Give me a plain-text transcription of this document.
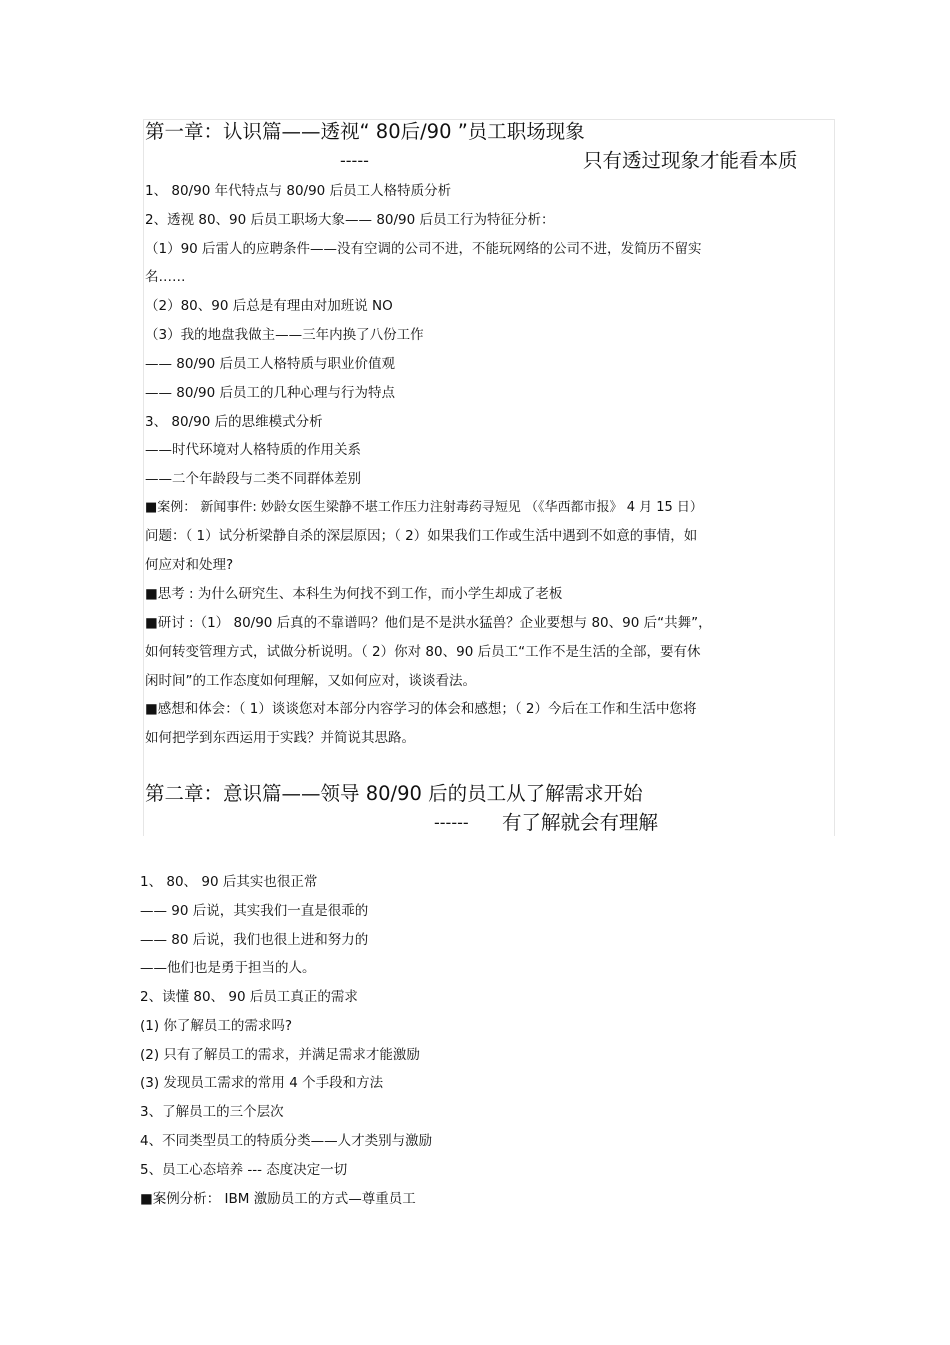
第一章：认识篇——透视“ 80后/90 ”员工职场现象
-----	只有透过现象才能看本质
1、 80/90 年代特点与 80/90 后员工人格特质分析
2、透视 80、90 后员工职场大象—— 80/90 后员工行为特征分析：
（1）90 后雷人的应聘条件——没有空调的公司不进，不能玩网络的公司不进，发简历不留实
名……
（2）80、90 后总是有理由对加班说 NO
（3）我的地盘我做主——三年内换了八份工作
—— 80/90 后员工人格特质与职业价值观
—— 80/90 后员工的几种心理与行为特点
3、 80/90 后的思维模式分析
——时代环境对人格特质的作用关系
——二个年龄段与二类不同群体差别
■案例： 新闻事件: 妙龄女医生梁静不堪工作压力注射毒药寻短见 （《华西都市报》 4 月 15 日）
问题：（ 1）试分析梁静自杀的深层原因；（ 2）如果我们工作或生活中遇到不如意的事情，如
何应对和处理?
■思考 : 为什么研究生、本科生为何找不到工作，而小学生却成了老板
■研讨 :（1） 80/90 后真的不靠谱吗？他们是不是洪水猛兽？企业要想与 80、90 后“共舞”，
如何转变管理方式，试做分析说明。（ 2）你对 80、90 后员工“工作不是生活的全部，要有休
闲时间”的工作态度如何理解，又如何应对，谈谈看法。
■感想和体会：（ 1）谈谈您对本部分内容学习的体会和感想；（ 2）今后在工作和生活中您将
如何把学到东西运用于实践？并简说其思路。
第二章：意识篇——领导 80/90 后的员工从了解需求开始
------ 有了解就会有理解
1、 80、 90 后其实也很正常
—— 90 后说，其实我们一直是很乖的
—— 80 后说，我们也很上进和努力的
——他们也是勇于担当的人。
2、读懂 80、 90 后员工真正的需求
(1) 你了解员工的需求吗?
(2) 只有了解员工的需求，并满足需求才能激励
(3) 发现员工需求的常用 4 个手段和方法
3、了解员工的三个层次
4、不同类型员工的特质分类——人才类别与激励
5、员工心态培养 --- 态度决定一切
■案例分析： IBM 激励员工的方式—尊重员工
